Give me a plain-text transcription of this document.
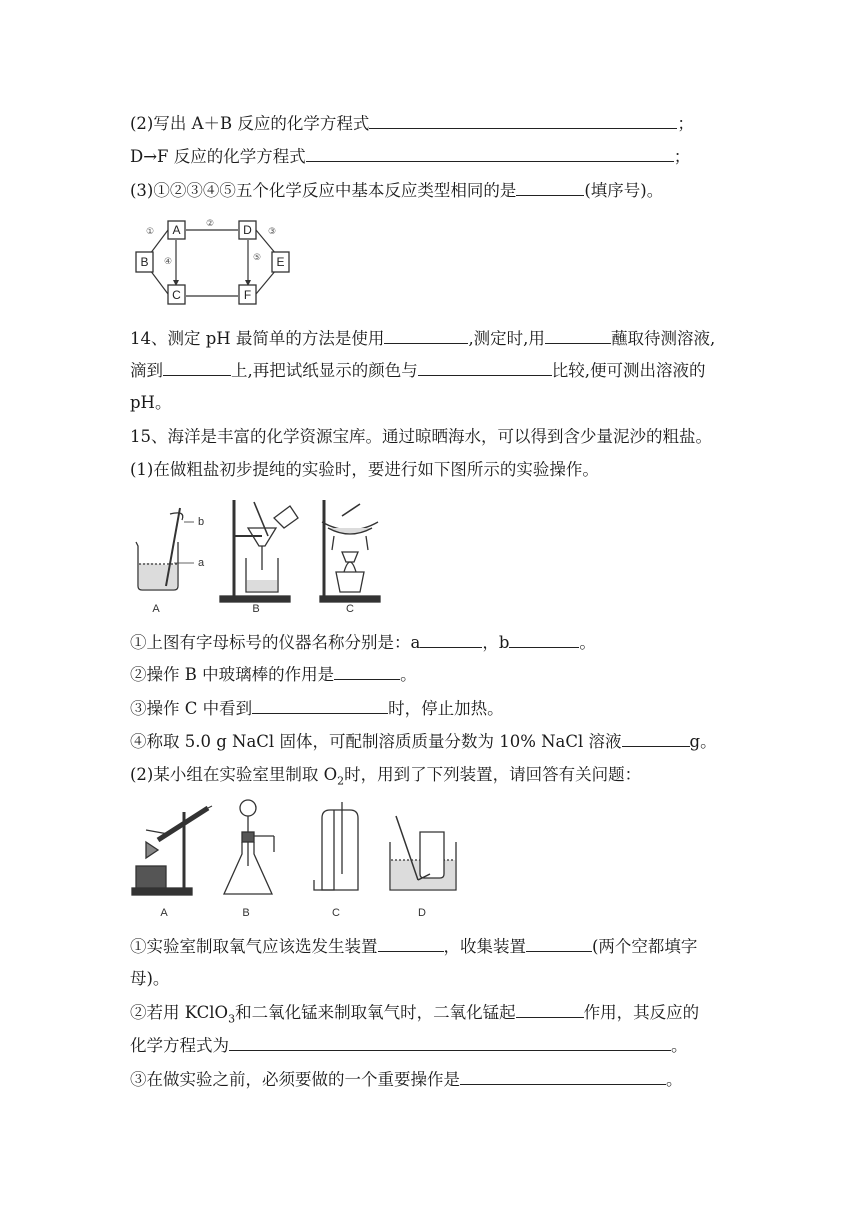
(2)写出 A＋B 反应的化学方程式	；
D→F 反应的化学方程式	；
(3)①②③④⑤五个化学反应中基本反应类型相同的是	(填序号)。
A	D
B	E
C	F
①
②
③
④	⑤
14、测定 pH 最简单的方法是使用	,测定时,用	蘸取待测溶液,
滴到	上,再把试纸显示的颜色与	比较,便可测出溶液的
pH。
15、海洋是丰富的化学资源宝库。通过晾晒海水，可以得到含少量泥沙的粗盐。
(1)在做粗盐初步提纯的实验时，要进行如下图所示的实验操作。
b
a
A	B	C
①上图有字母标号的仪器名称分别是：a	，b	。
②操作 B 中玻璃棒的作用是	。
③操作 C 中看到	时，停止加热。
④称取 5.0 g NaCl 固体，可配制溶质质量分数为 10% NaCl 溶液	g。
(2)某小组在实验室里制取 $O_2$时，用到了下列装置，请回答有关问题：
A	B	C	D
①实验室制取氧气应该选发生装置	，收集装置	(两个空都填字
母)。
②若用 KClO$_3$和二氧化锰来制取氧气时，二氧化锰起	作用，其反应的
化学方程式为	。
③在做实验之前，必须要做的一个重要操作是	。
